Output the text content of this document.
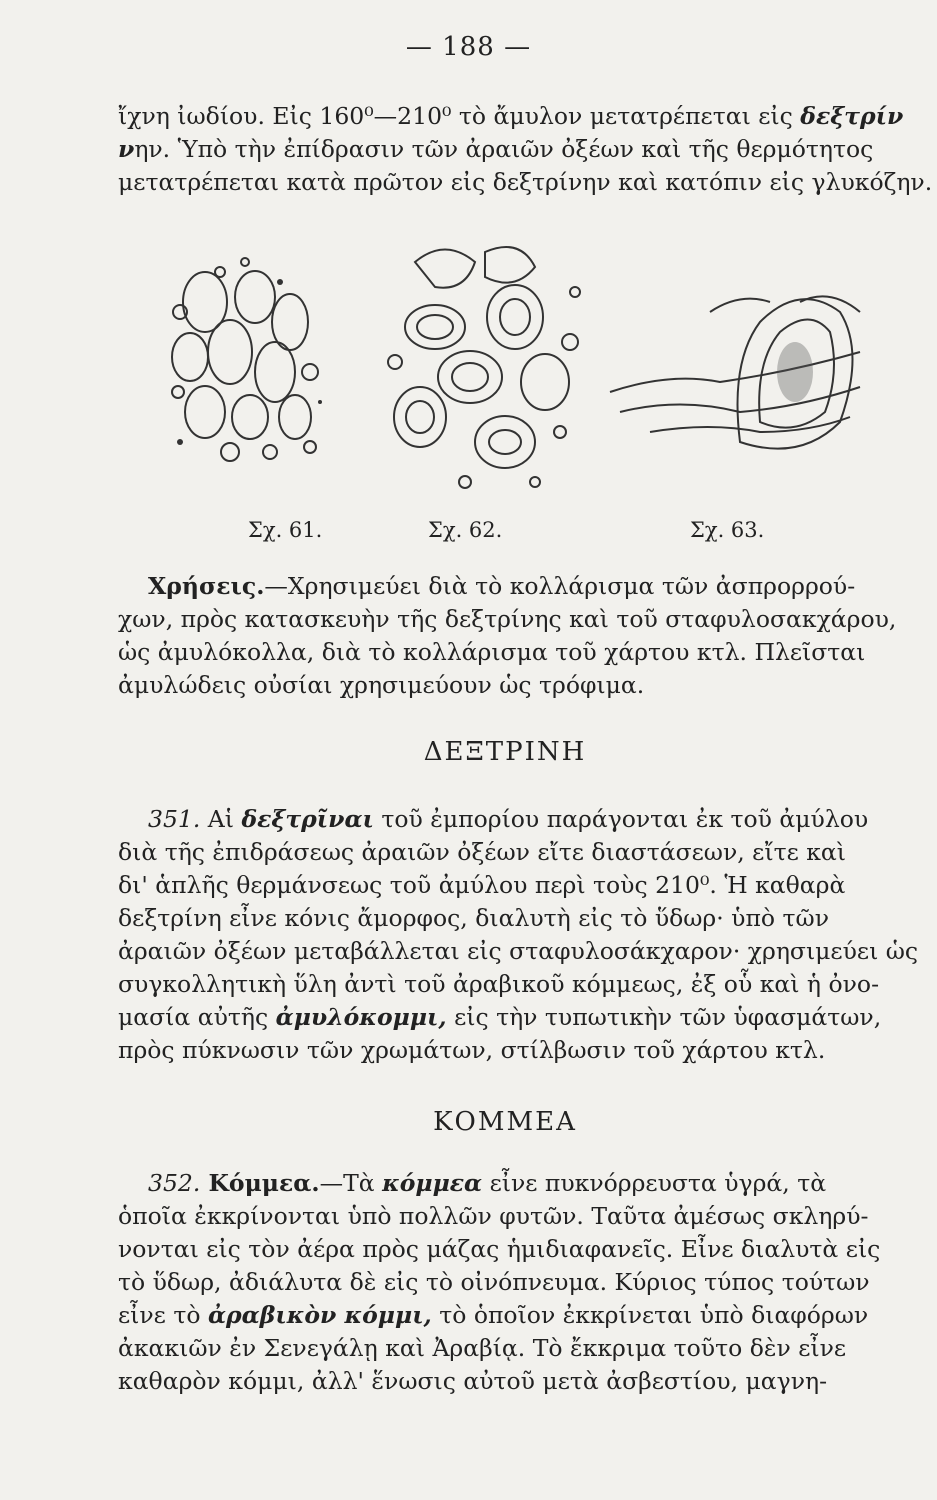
— 188 —

ἴχνη ἰωδίου. Εἰς 160⁰—210⁰ τὸ ἄμυλον μετατρέπεται εἰς δεξτρίν
νην. Ὑπὸ τὴν ἐπίδρασιν τῶν ἀραιῶν ὀξέων καὶ τῆς θερμότητος
μετατρέπεται κατὰ πρῶτον εἰς δεξτρίνην καὶ κατόπιν εἰς γλυκόζην.

Σχ. 61.	Σχ. 62.	Σχ. 63.

Χρήσεις.—Χρησιμεύει διὰ τὸ κολλάρισμα τῶν ἀσπρορρού-
χων, πρὸς κατασκευὴν τῆς δεξτρίνης καὶ τοῦ σταφυλοσακχάρου,
ὡς ἀμυλόκολλα, διὰ τὸ κολλάρισμα τοῦ χάρτου κτλ. Πλεῖσται
ἀμυλώδεις οὐσίαι χρησιμεύουν ὡς τρόφιμα.

ΔΕΞΤΡΙΝΗ

351. Αἱ δεξτρῖναι τοῦ ἐμπορίου παράγονται ἐκ τοῦ ἀμύλου
διὰ τῆς ἐπιδράσεως ἀραιῶν ὀξέων εἴτε διαστάσεων, εἴτε καὶ
δι' ἁπλῆς θερμάνσεως τοῦ ἀμύλου περὶ τοὺς 210⁰. Ἡ καθαρὰ
δεξτρίνη εἶνε κόνις ἄμορφος, διαλυτὴ εἰς τὸ ὕδωρ· ὑπὸ τῶν
ἀραιῶν ὀξέων μεταβάλλεται εἰς σταφυλοσάκχαρον· χρησιμεύει ὡς
συγκολλητικὴ ὕλη ἀντὶ τοῦ ἀραβικοῦ κόμμεως, ἐξ οὗ καὶ ἡ ὀνο-
μασία αὐτῆς ἀμυλόκομμι, εἰς τὴν τυπωτικὴν τῶν ὑφασμάτων,
πρὸς πύκνωσιν τῶν χρωμάτων, στίλβωσιν τοῦ χάρτου κτλ.

ΚΟΜΜΕΑ

352. Κόμμεα.—Τὰ κόμμεα εἶνε πυκνόρρευστα ὑγρά, τὰ
ὁποῖα ἐκκρίνονται ὑπὸ πολλῶν φυτῶν. Ταῦτα ἀμέσως σκληρύ-
νονται εἰς τὸν ἀέρα πρὸς μάζας ἡμιδιαφανεῖς. Εἶνε διαλυτὰ εἰς
τὸ ὕδωρ, ἀδιάλυτα δὲ εἰς τὸ οἰνόπνευμα. Κύριος τύπος τούτων
εἶνε τὸ ἀραβικὸν κόμμι, τὸ ὁποῖον ἐκκρίνεται ὑπὸ διαφόρων
ἀκακιῶν ἐν Σενεγάλῃ καὶ Ἀραβίᾳ. Τὸ ἔκκριμα τοῦτο δὲν εἶνε
καθαρὸν κόμμι, ἀλλ' ἕνωσις αὐτοῦ μετὰ ἀσβεστίου, μαγνη-
